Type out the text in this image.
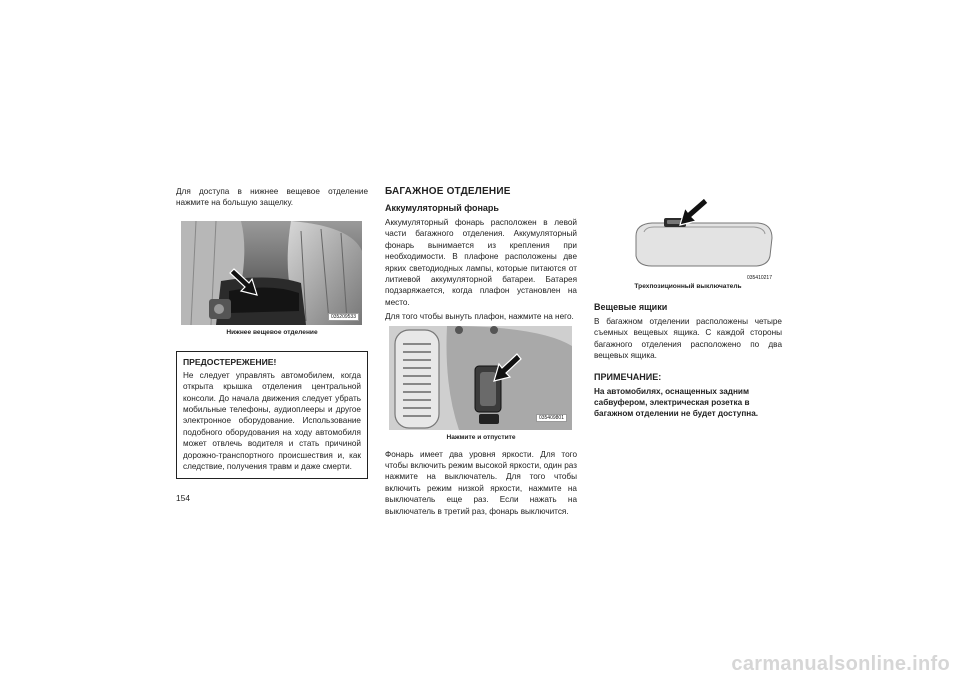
Для доступа в нижнее вещевое отделение нажмите на большую защелку.

035209533

Нижнее вещевое отделение

ПРЕДОСТЕРЕЖЕНИЕ!

Не следует управлять автомобилем, когда открыта крышка отделения центральной консоли. До начала движения следует убрать мобильные телефоны, аудиоплееры и другое электронное оборудование. Использование подобного оборудования на ходу автомобиля может отвлечь водителя и стать причиной дорожно-транспортного происшествия и, как следствие, получения травм и даже смерти.

154

БАГАЖНОЕ ОТДЕЛЕНИЕ

Аккумуляторный фонарь

Аккумуляторный фонарь расположен в левой части багажного отделения. Аккумуляторный фонарь вынимается из крепления при необходимости. В плафоне расположены две ярких светодиодных лампы, которые питаются от литиевой аккумуляторной батареи. Батарея подзаряжается, когда плафон установлен на место.

Для того чтобы вынуть плафон, нажмите на него.

035409801

Нажмите и отпустите

Фонарь имеет два уровня яркости. Для того чтобы включить режим высокой яркости, один раз нажмите на выключатель. Для того чтобы включить режим низкой яркости, нажмите на выключатель еще раз. Если нажать на выключатель в третий раз, фонарь выключится.

035410217

Трехпозиционный выключатель

Вещевые ящики

В багажном отделении расположены четыре съемных вещевых ящика. С каждой стороны багажного отделения расположено по два вещевых ящика.

ПРИМЕЧАНИЕ:

На автомобилях, оснащенных задним сабвуфером, электрическая розетка в багажном отделении не будет доступна.

carmanualsonline.info
